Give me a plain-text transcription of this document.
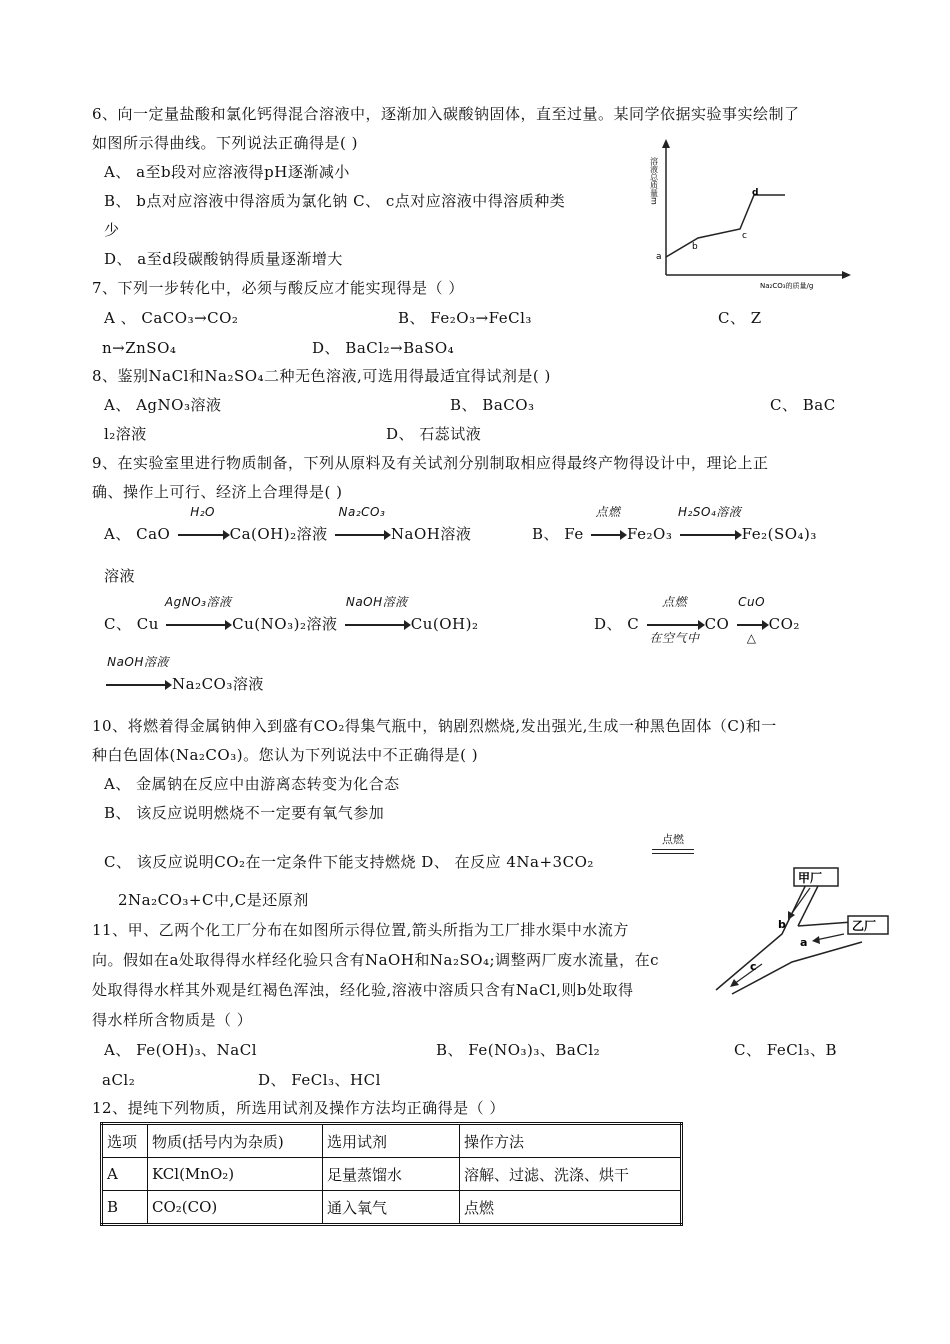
6、向一定量盐酸和氯化钙得混合溶液中，逐渐加入碳酸钠固体，直至过量。某同学依据实验事实绘制了
如图所示得曲线。下列说法正确得是( )
A、 a至b段对应溶液得pH逐渐减小
B、 b点对应溶液中得溶质为氯化钠 C、 c点对应溶液中得溶质种类
少
D、 a至d段碳酸钠得质量逐渐增大
溶液总质量m
a
b
c
d
Na₂CO₃的质量/g
7、下列一步转化中，必须与酸反应才能实现得是（ ）
A 、 CaCO₃→CO₂	B、 Fe₂O₃→FeCl₃	C、 Z
n→ZnSO₄	D、 BaCl₂→BaSO₄
8、鉴别NaCl和Na₂SO₄二种无色溶液,可选用得最适宜得试剂是( )
A、 AgNO₃溶液	B、 BaCO₃	C、 BaC
l₂溶液	D、 石蕊试液
9、在实验室里进行物质制备，下列从原料及有关试剂分别制取相应得最终产物得设计中，理论上正
确、操作上可行、经济上合理得是( )
A、 CaO
H₂O
Ca(OH)₂溶液
Na₂CO₃
NaOH溶液	B、 Fe
点燃
Fe₂O₃
H₂SO₄溶液
Fe₂(SO₄)₃
溶液
C、 Cu
AgNO₃溶液
Cu(NO₃)₂溶液
NaOH溶液
Cu(OH)₂	D、 C
点燃
在空气中
CO
CuO
△
CO₂
NaOH溶液
Na₂CO₃溶液
10、将燃着得金属钠伸入到盛有CO₂得集气瓶中，钠剧烈燃烧,发出强光,生成一种黑色固体（C)和一
种白色固体(Na₂CO₃)。您认为下列说法中不正确得是( )
A、 金属钠在反应中由游离态转变为化合态
B、 该反应说明燃烧不一定要有氧气参加
C、 该反应说明CO₂在一定条件下能支持燃烧 D、 在反应 4Na+3CO₂
点燃
2Na₂CO₃+C中,C是还原剂
11、甲、乙两个化工厂分布在如图所示得位置,箭头所指为工厂排水渠中水流方
向。假如在a处取得得水样经化验只含有NaOH和Na₂SO₄;调整两厂废水流量，在c
处取得得水样其外观是红褐色浑浊，经化验,溶液中溶质只含有NaCl,则b处取得
得水样所含物质是（ ）
A、 Fe(OH)₃、NaCl	B、 Fe(NO₃)₃、BaCl₂	C、 FeCl₃、B
aCl₂	D、 FeCl₃、HCl
甲厂
乙厂
a
b
c
12、提纯下列物质，所选用试剂及操作方法均正确得是（ ）
选项	物质(括号内为杂质)	选用试剂	操作方法
A	KCl(MnO₂)	足量蒸馏水	溶解、过滤、洗涤、烘干
B	CO₂(CO)	通入氧气	点燃
